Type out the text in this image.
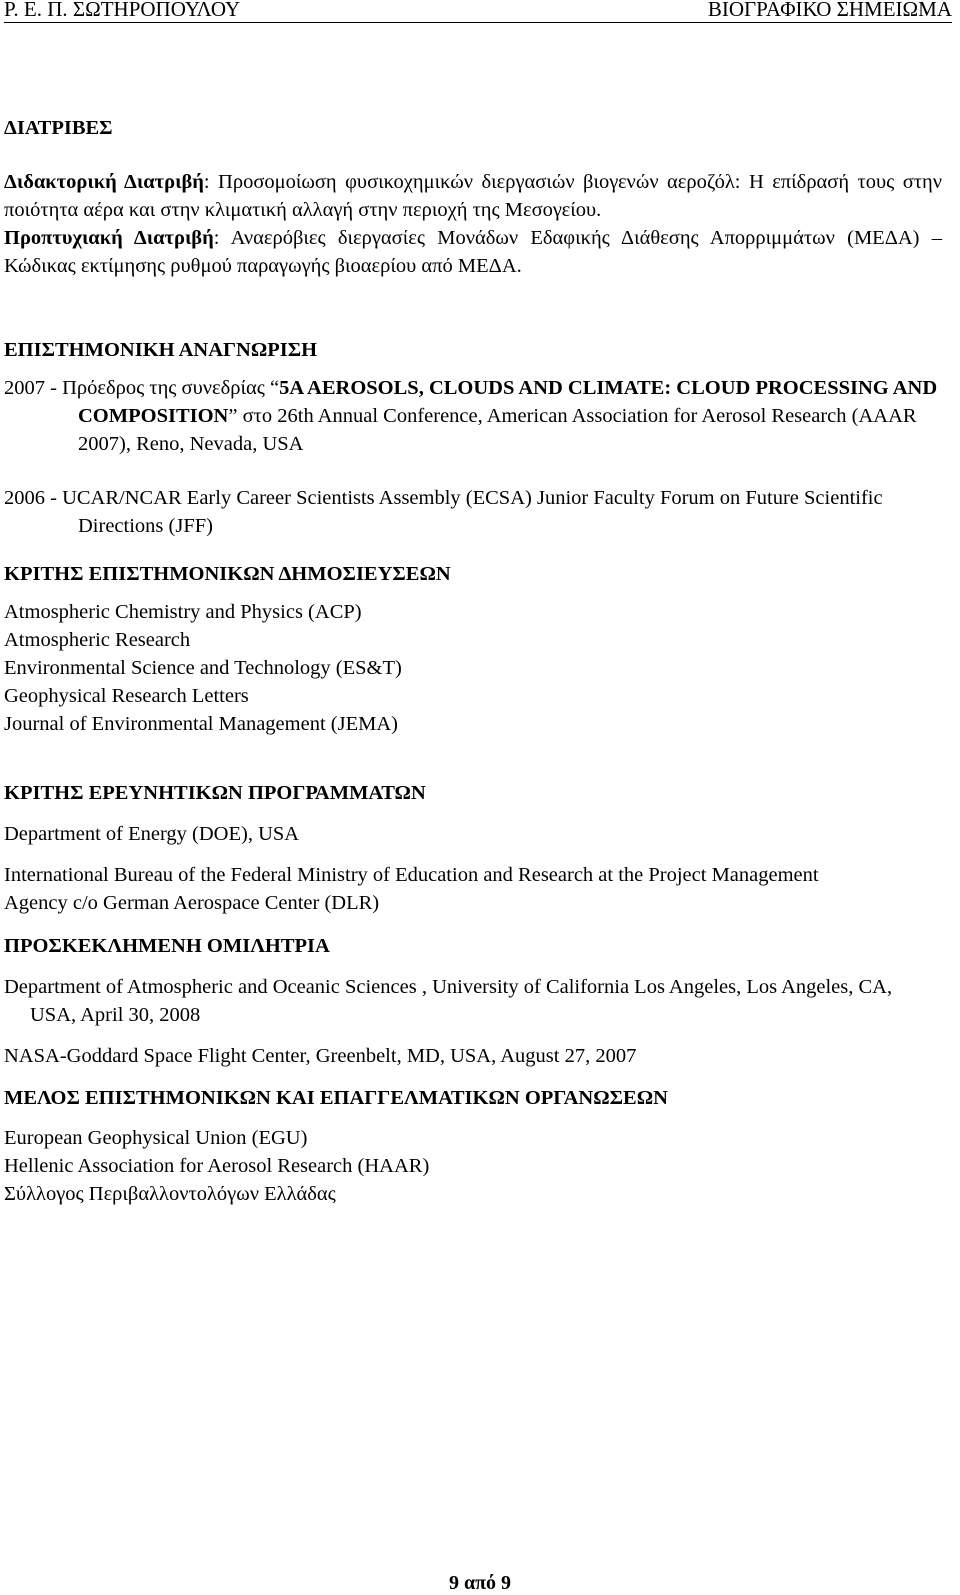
Ρ. Ε. Π. ΣΩΤΗΡΟΠΟΥΛΟΥ	ΒΙΟΓΡΑΦΙΚΟ ΣΗΜΕΙΩΜΑ

ΔΙΑΤΡΙΒΕΣ

Διδακτορική Διατριβή: Προσομοίωση φυσικοχημικών διεργασιών βιογενών αεροζόλ: Η επίδρασή τους στην ποιότητα αέρα και στην κλιματική αλλαγή στην περιοχή της Μεσογείου.

Προπτυχιακή Διατριβή: Αναερόβιες διεργασίες Μονάδων Εδαφικής Διάθεσης Απορριμμάτων (ΜΕΔΑ) – Κώδικας εκτίμησης ρυθμού παραγωγής βιοαερίου από ΜΕΔΑ.

ΕΠΙΣΤΗΜΟΝΙΚΗ ΑΝΑΓΝΩΡΙΣΗ

2007 - Πρόεδρος της συνεδρίας “5A AEROSOLS, CLOUDS AND CLIMATE: CLOUD PROCESSING AND COMPOSITION” στο 26th Annual Conference, American Association for Aerosol Research (AAAR 2007), Reno, Nevada, USA

2006 - UCAR/NCAR Early Career Scientists Assembly (ECSA) Junior Faculty Forum on Future Scientific Directions (JFF)

ΚΡΙΤΗΣ ΕΠΙΣΤΗΜΟΝΙΚΩΝ ΔΗΜΟΣΙΕΥΣΕΩΝ

Atmospheric Chemistry and Physics (ACP)
Atmospheric Research
Environmental Science and Technology (ES&T)
Geophysical Research Letters
Journal of Environmental Management (JEMA)

ΚΡΙΤΗΣ ΕΡΕΥΝΗΤΙΚΩΝ ΠΡΟΓΡΑΜΜΑΤΩΝ

Department of Energy (DOE), USA
International Bureau of the Federal Ministry of Education and Research at the Project Management Agency c/o German Aerospace Center (DLR)

ΠΡΟΣΚΕΚΛΗΜΕΝΗ ΟΜΙΛΗΤΡΙΑ

Department of Atmospheric and Oceanic Sciences , University of California Los Angeles, Los Angeles, CA, USA, April 30, 2008

NASA-Goddard Space Flight Center, Greenbelt, MD, USA, August 27, 2007

ΜΕΛΟΣ ΕΠΙΣΤΗΜΟΝΙΚΩΝ ΚΑΙ ΕΠΑΓΓΕΛΜΑΤΙΚΩΝ ΟΡΓΑΝΩΣΕΩΝ

European Geophysical Union (EGU)
Hellenic Association for Aerosol Research (HAAR)
Σύλλογος Περιβαλλοντολόγων Ελλάδας
9 από 9
